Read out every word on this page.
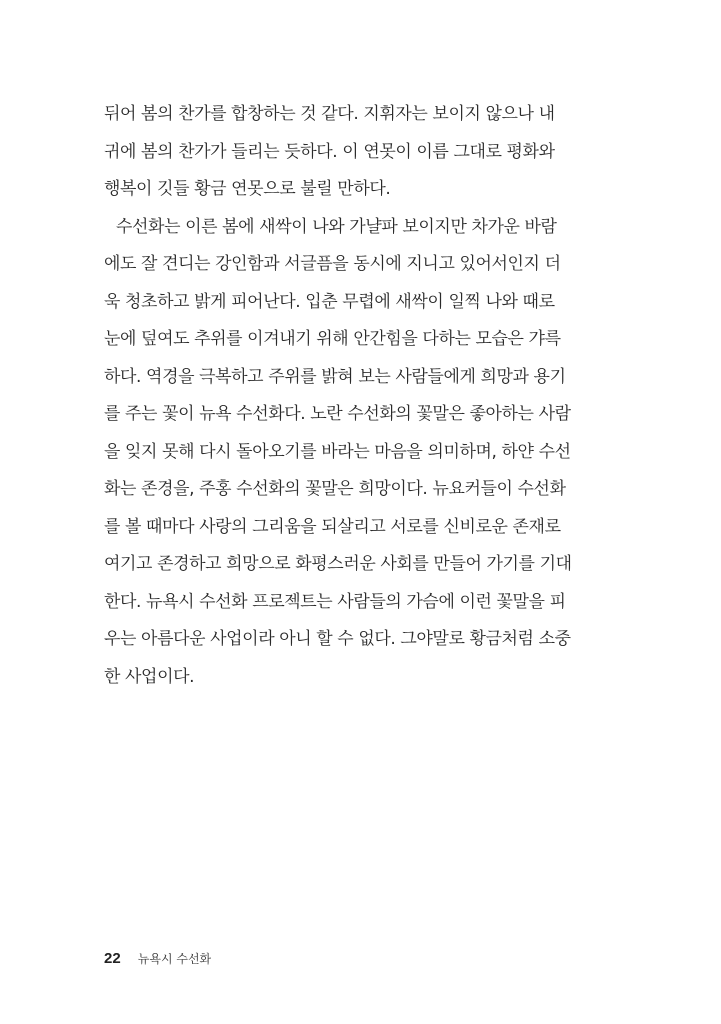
뒤어 봄의 찬가를 합창하는 것 같다. 지휘자는 보이지 않으나 내
귀에 봄의 찬가가 들리는 듯하다. 이 연못이 이름 그대로 평화와
행복이 깃들 황금 연못으로 불릴 만하다.
수선화는 이른 봄에 새싹이 나와 가냘파 보이지만 차가운 바람
에도 잘 견디는 강인함과 서글픔을 동시에 지니고 있어서인지 더
욱 청초하고 밝게 피어난다. 입춘 무렵에 새싹이 일찍 나와 때로
눈에 덮여도 추위를 이겨내기 위해 안간힘을 다하는 모습은 갸륵
하다. 역경을 극복하고 주위를 밝혀 보는 사람들에게 희망과 용기
를 주는 꽃이 뉴욕 수선화다. 노란 수선화의 꽃말은 좋아하는 사람
을 잊지 못해 다시 돌아오기를 바라는 마음을 의미하며, 하얀 수선
화는 존경을, 주홍 수선화의 꽃말은 희망이다. 뉴요커들이 수선화
를 볼 때마다 사랑의 그리움을 되살리고 서로를 신비로운 존재로
여기고 존경하고 희망으로 화평스러운 사회를 만들어 가기를 기대
한다. 뉴욕시 수선화 프로젝트는 사람들의 가슴에 이런 꽃말을 피
우는 아름다운 사업이라 아니 할 수 없다. 그야말로 황금처럼 소중
한 사업이다.
22 뉴욕시 수선화
